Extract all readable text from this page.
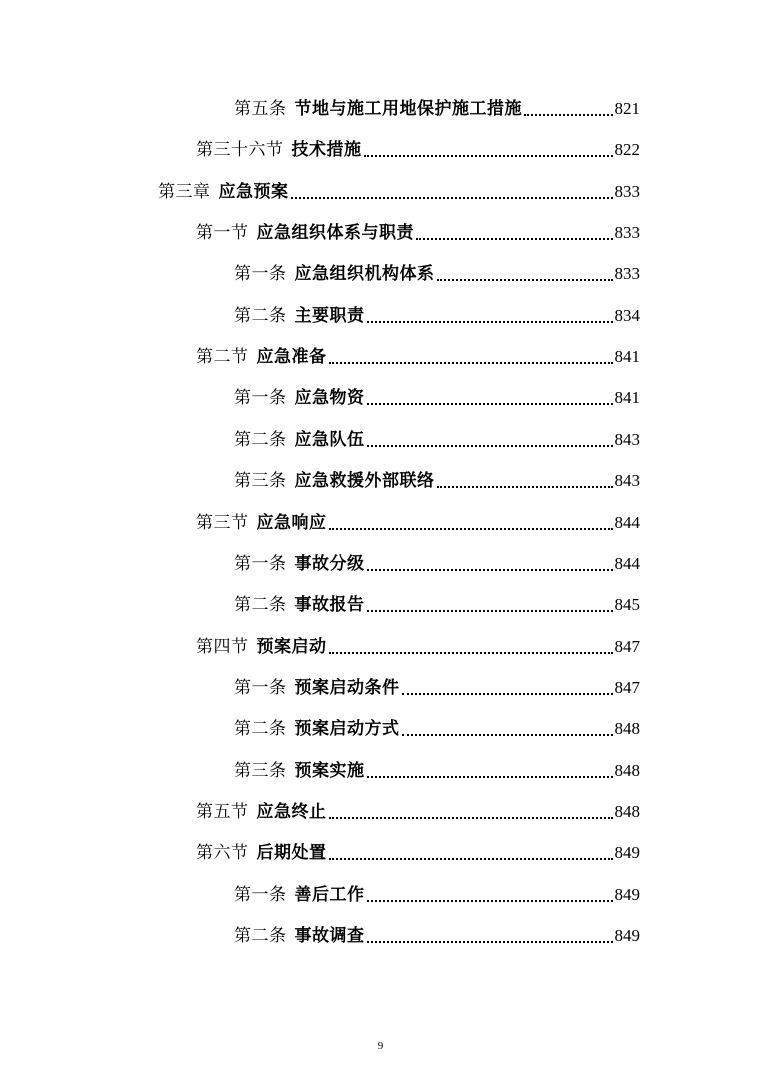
第五条 节地与施工用地保护施工措施	821
第三十六节 技术措施	822
第三章 应急预案	833
第一节 应急组织体系与职责	833
第一条 应急组织机构体系	833
第二条 主要职责	834
第二节 应急准备	841
第一条 应急物资	841
第二条 应急队伍	843
第三条 应急救援外部联络	843
第三节 应急响应	844
第一条 事故分级	844
第二条 事故报告	845
第四节 预案启动	847
第一条 预案启动条件	847
第二条 预案启动方式	848
第三条 预案实施	848
第五节 应急终止	848
第六节 后期处置	849
第一条 善后工作	849
第二条 事故调查	849
9
